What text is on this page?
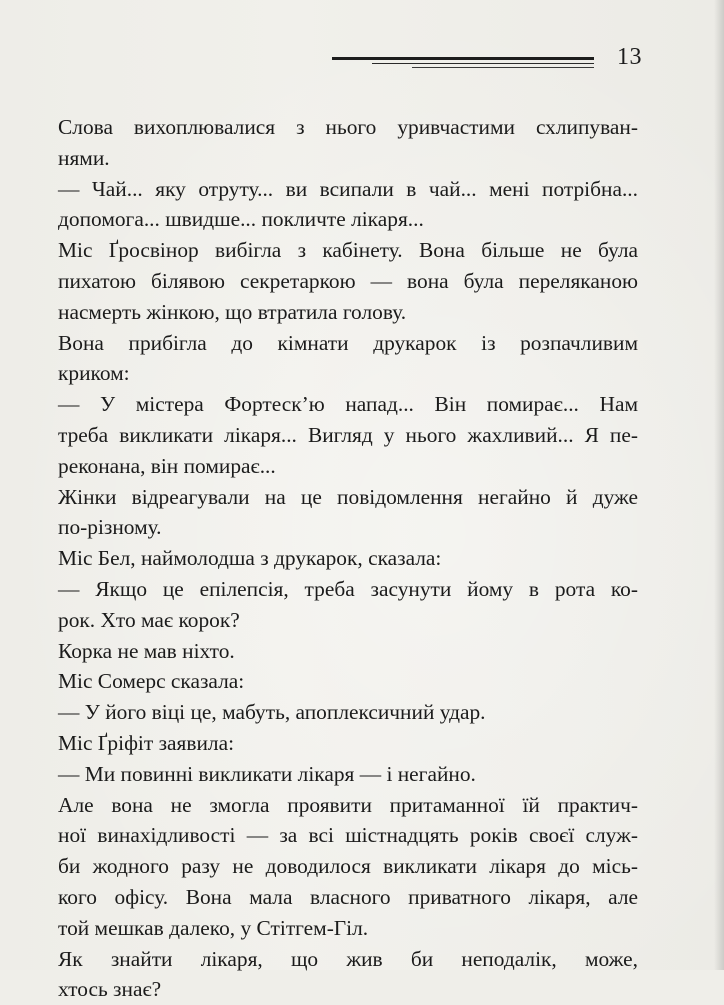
13
Слова вихоплювалися з нього уривчастими схлипуван-
нями.
— Чай... яку отруту... ви всипали в чай... мені потрібна...
допомога... швидше... покличте лікаря...
Міс Ґросвінор вибігла з кабінету. Вона більше не була
пихатою білявою секретаркою — вона була переляканою
насмерть жінкою, що втратила голову.
Вона прибігла до кімнати друкарок із розпачливим
криком:
— У містера Фортеск’ю напад... Він помирає... Нам
треба викликати лікаря... Вигляд у нього жахливий... Я пе-
реконана, він помирає...
Жінки відреагували на це повідомлення негайно й дуже
по-різному.
Міс Бел, наймолодша з друкарок, сказала:
— Якщо це епілепсія, треба засунути йому в рота ко-
рок. Хто має корок?
Корка не мав ніхто.
Міс Сомерс сказала:
— У його віці це, мабуть, апоплексичний удар.
Міс Ґріфіт заявила:
— Ми повинні викликати лікаря — і негайно.
Але вона не змогла проявити притаманної їй практич-
ної винахідливості — за всі шістнадцять років своєї служ-
би жодного разу не доводилося викликати лікаря до місь-
кого офісу. Вона мала власного приватного лікаря, але
той мешкав далеко, у Стітгем-Гіл.
Як знайти лікаря, що жив би неподалік, може,
хтось знає?
